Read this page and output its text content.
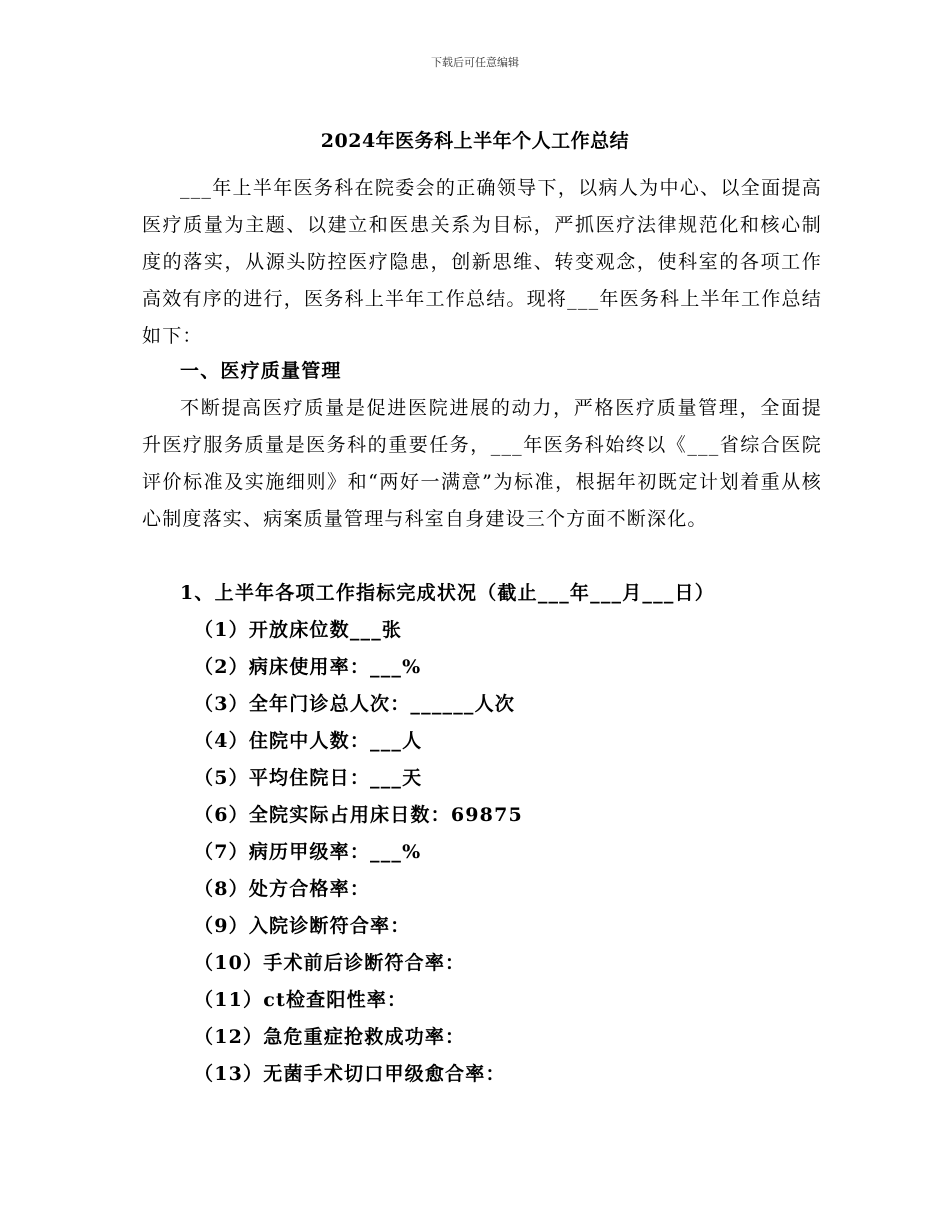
下载后可任意编辑
2024年医务科上半年个人工作总结

___年上半年医务科在院委会的正确领导下，以病人为中心、以全面提高医疗质量为主题、以建立和医患关系为目标，严抓医疗法律规范化和核心制度的落实，从源头防控医疗隐患，创新思维、转变观念，使科室的各项工作高效有序的进行，医务科上半年工作总结。现将___年医务科上半年工作总结如下：

一、医疗质量管理

不断提高医疗质量是促进医院进展的动力，严格医疗质量管理，全面提升医疗服务质量是医务科的重要任务，___年医务科始终以《___省综合医院评价标准及实施细则》和“两好一满意”为标准，根据年初既定计划着重从核心制度落实、病案质量管理与科室自身建设三个方面不断深化。

1、上半年各项工作指标完成状况（截止___年___月___日）

（1）开放床位数___张
（2）病床使用率：___%
（3）全年门诊总人次：______人次
（4）住院中人数：___人
（5）平均住院日：___天
（6）全院实际占用床日数：69875
（7）病历甲级率：___%
（8）处方合格率：
（9）入院诊断符合率：
（10）手术前后诊断符合率：
（11）ct检查阳性率：
（12）急危重症抢救成功率：
（13）无菌手术切口甲级愈合率：
